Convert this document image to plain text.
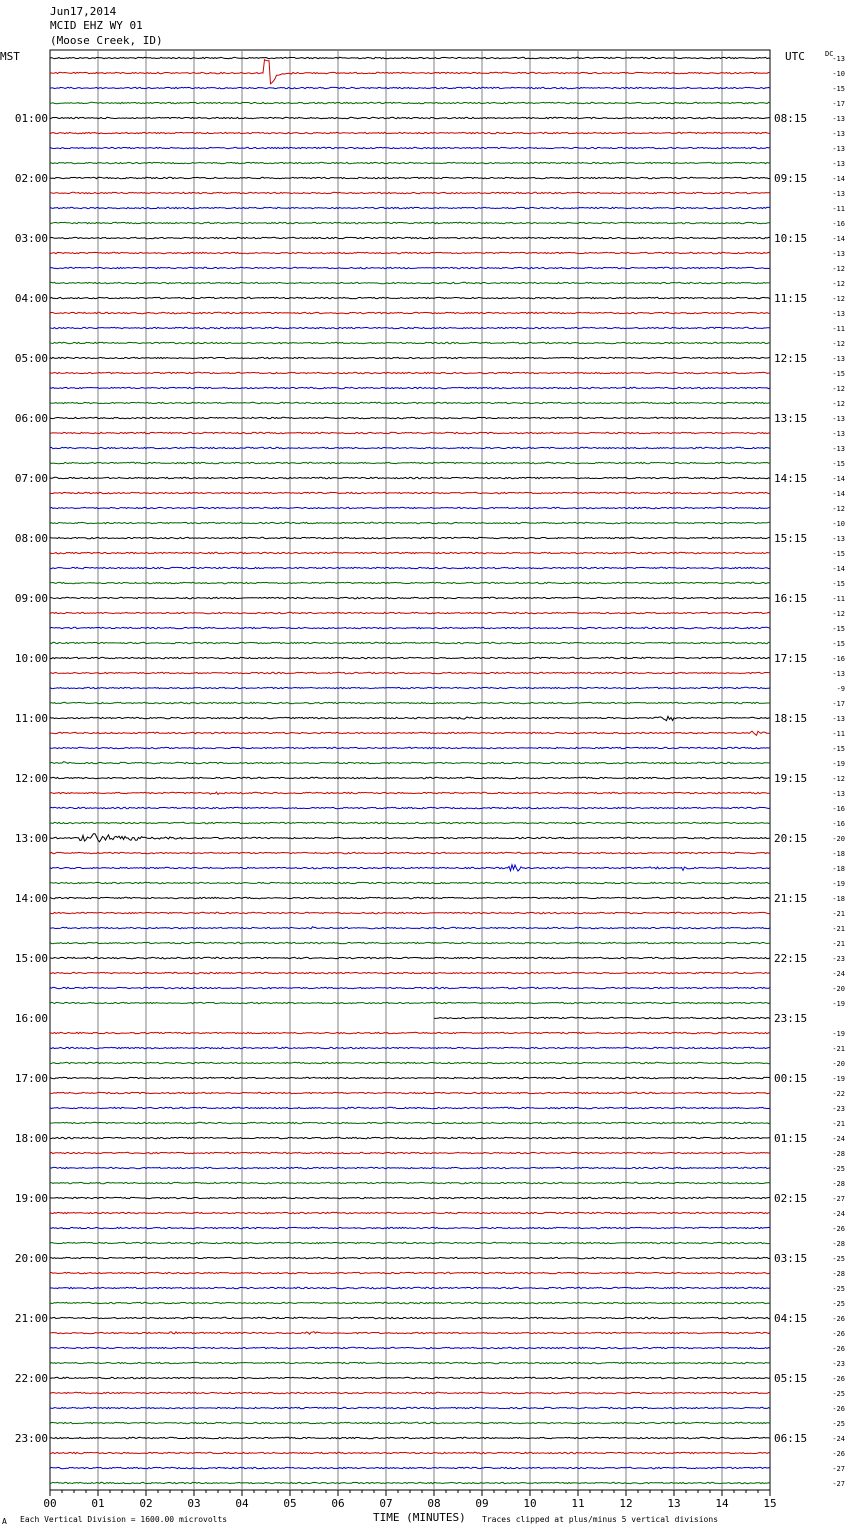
Jun17,2014
MCID EHZ WY 01
(Moose Creek, ID)
MST	UTC	DC
01:00
02:00
03:00
04:00
05:00
06:00
07:00
08:00
09:00
10:00
11:00
12:00
13:00
14:00
15:00
16:00
17:00
18:00
19:00
20:00
21:00
22:00
23:00
08:15
09:15
10:15
11:15
12:15
13:15
14:15
15:15
16:15
17:15
18:15
19:15
20:15
21:15
22:15
23:15
00:15
01:15
02:15
03:15
04:15
05:15
06:15
-13
-10
-15
-17
-13
-13
-13
-13
-14
-13
-11
-16
-14
-13
-12
-12
-12
-13
-11
-12
-13
-15
-12
-12
-13
-13
-13
-15
-14
-14
-12
-10
-13
-15
-14
-15
-11
-12
-15
-15
-16
-13
-9
-17
-13
-11
-15
-19
-12
-13
-16
-16
-20
-18
-18
-19
-18
-21
-21
-21
-23
-24
-20
-19
-19
-21
-20
-19
-22
-23
-21
-24
-28
-25
-28
-27
-24
-26
-28
-25
-28
-25
-25
-26
-26
-26
-23
-26
-25
-26
-25
-24
-26
-27
-27
00	01	02	03	04	05	06	07	08	09	10	11	12	13	14	15
A Each Vertical Division = 1600.00 microvolts	TIME (MINUTES) Traces clipped at plus/minus 5 vertical divisions
